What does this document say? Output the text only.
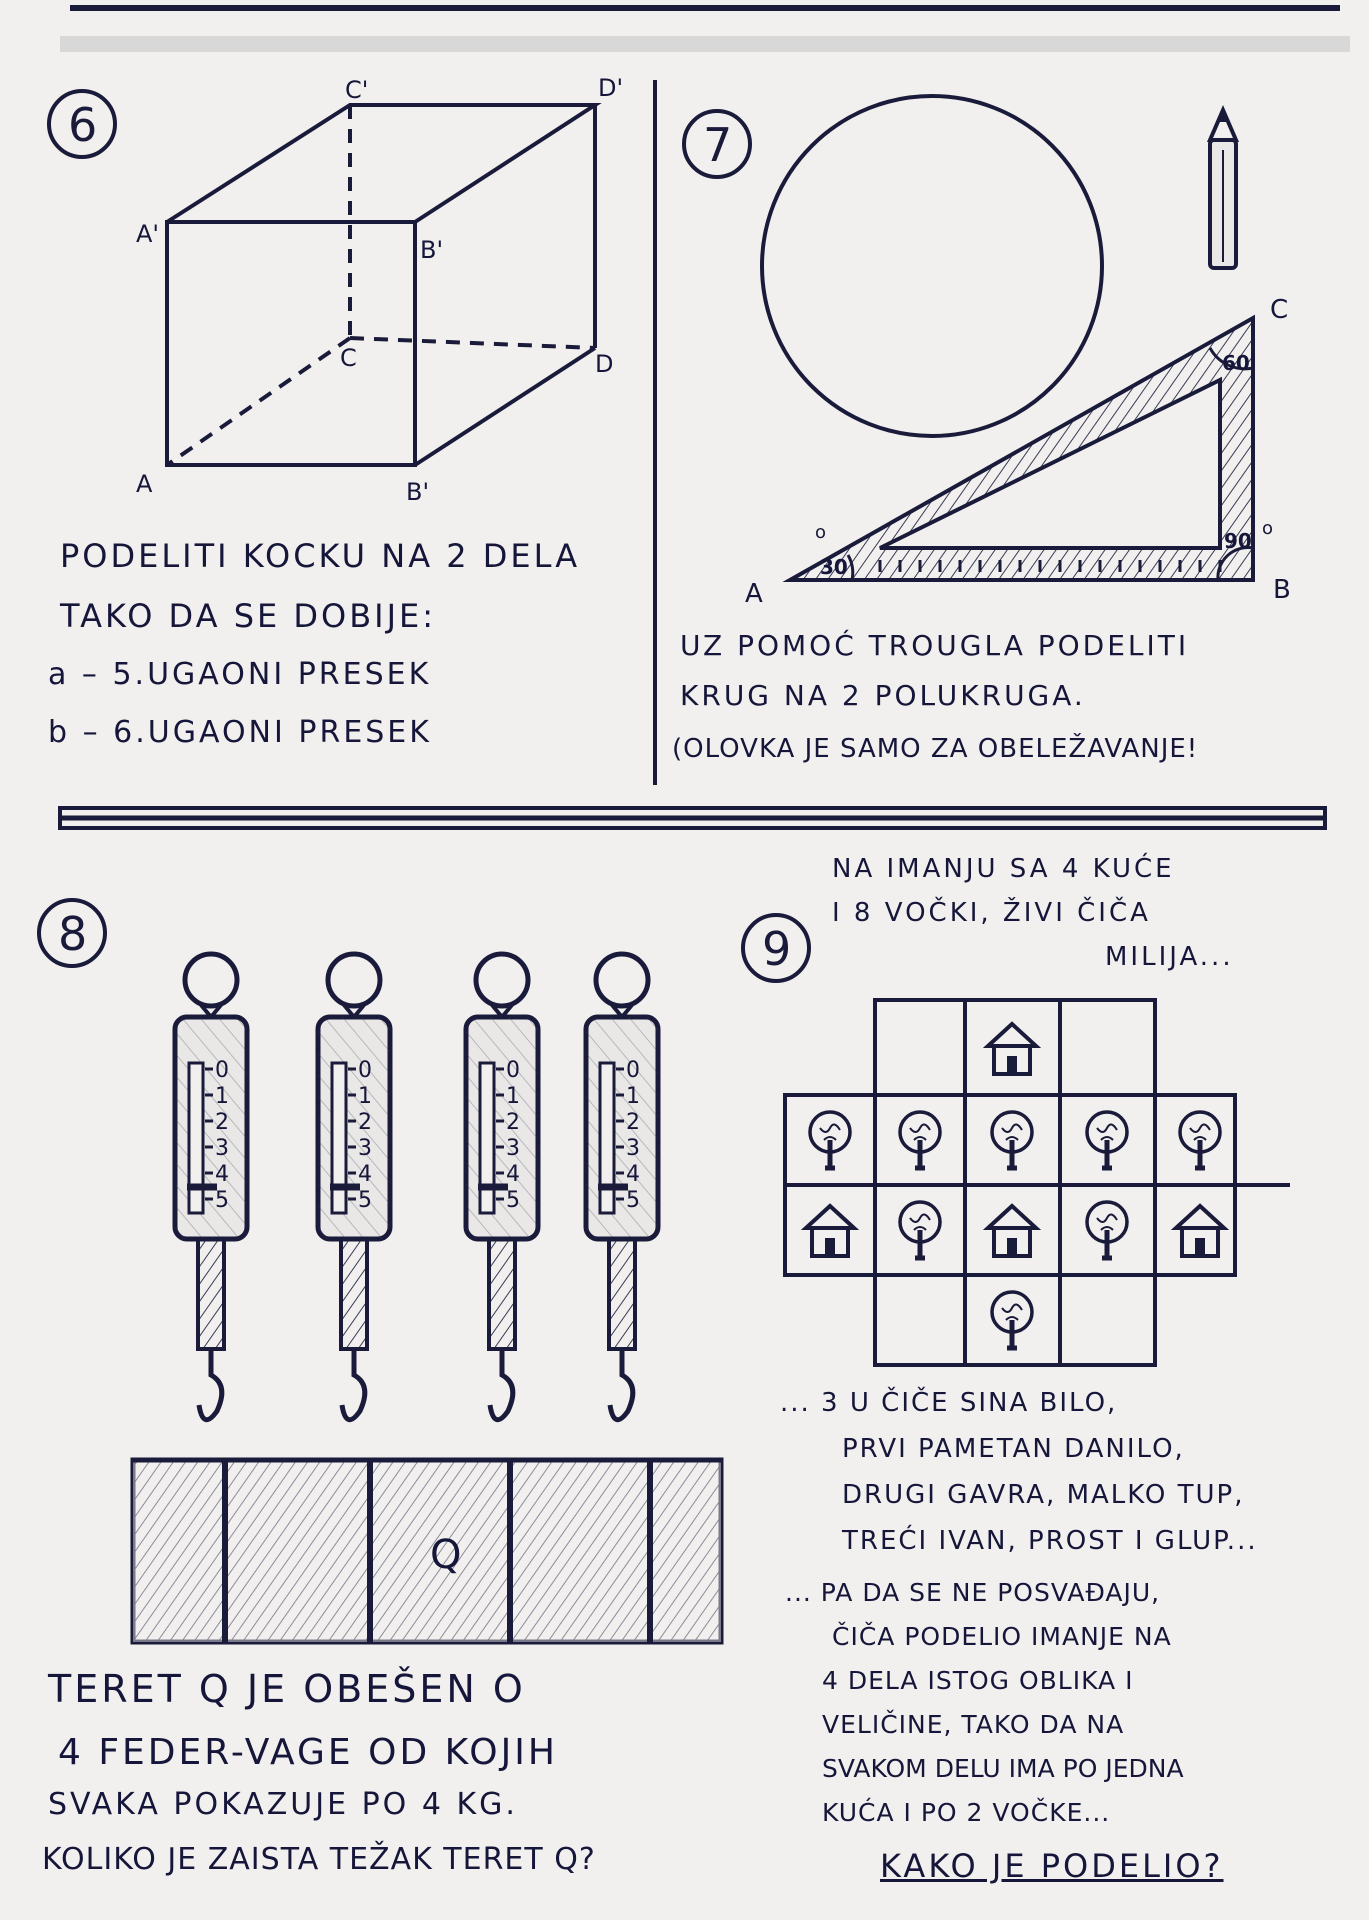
C'	D'
A'
B'
C	D
A	B'
A	B
C
30
60
90
o	o
Q
0
1
2
3
4
5
0
1
2
3
4
5
0
1
2
3
4
5
0
1
2
3
4
5
6	7
8	9
PODELITI KOCKU NA 2 DELA
TAKO DA SE DOBIJE:
a – 5.UGAONI PRESEK
b – 6.UGAONI PRESEK
UZ POMOĆ TROUGLA PODELITI
KRUG NA 2 POLUKRUGA.
(OLOVKA JE SAMO ZA OBELEŽAVANJE!
TERET Q JE OBEŠEN O
4 FEDER-VAGE OD KOJIH
SVAKA POKAZUJE PO 4 KG.
KOLIKO JE ZAISTA TEŽAK TERET Q?
NA IMANJU SA 4 KUĆE
I 8 VOČKI, ŽIVI ČIČA
MILIJA...
... 3 U ČIČE SINA BILO,
PRVI PAMETAN DANILO,
DRUGI GAVRA, MALKO TUP,
TREĆI IVAN, PROST I GLUP...
... PA DA SE NE POSVAĐAJU,
ČIČA PODELIO IMANJE NA
4 DELA ISTOG OBLIKA I
VELIČINE, TAKO DA NA
SVAKOM DELU IMA PO JEDNA
KUĆA I PO 2 VOČKE...
KAKO JE PODELIO?
